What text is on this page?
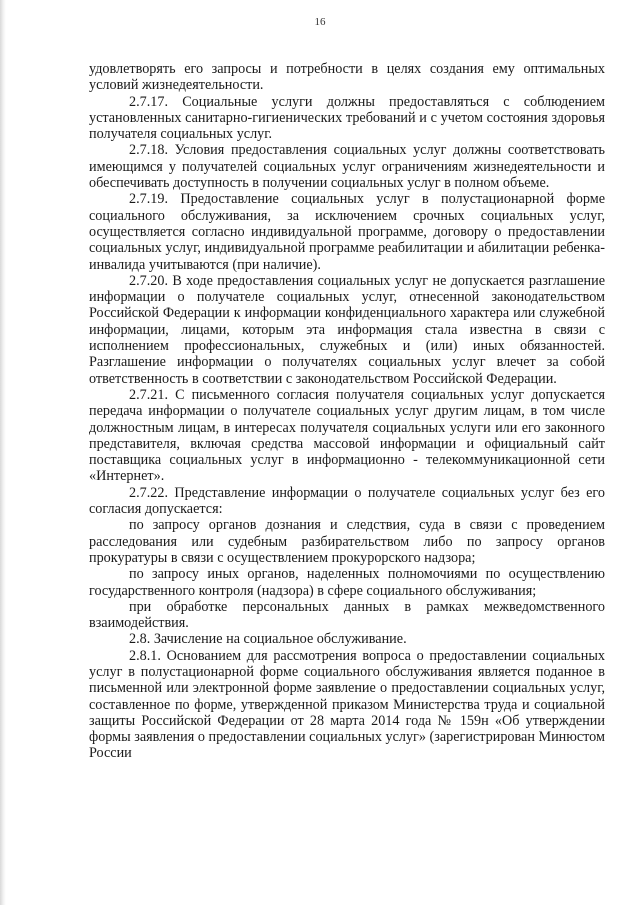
16

удовлетворять его запросы и потребности в целях создания ему оптимальных условий жизнедеятельности.

2.7.17. Социальные услуги должны предоставляться с соблюдением установленных санитарно-гигиенических требований и с учетом состояния здоровья получателя социальных услуг.

2.7.18. Условия предоставления социальных услуг должны соответствовать имеющимся у получателей социальных услуг ограничениям жизнедеятельности и обеспечивать доступность в получении социальных услуг в полном объеме.

2.7.19. Предоставление социальных услуг в полустационарной форме социального обслуживания, за исключением срочных социальных услуг, осуществляется согласно индивидуальной программе, договору о предоставлении социальных услуг, индивидуальной программе реабилитации и абилитации ребенка-инвалида учитываются (при наличие).

2.7.20. В ходе предоставления социальных услуг не допускается разглашение информации о получателе социальных услуг, отнесенной законодательством Российской Федерации к информации конфиденциального характера или служебной информации, лицами, которым эта информация стала известна в связи с исполнением профессиональных, служебных и (или) иных обязанностей. Разглашение информации о получателях социальных услуг влечет за собой ответственность в соответствии с законодательством Российской Федерации.

2.7.21. С письменного согласия получателя социальных услуг допускается передача информации о получателе социальных услуг другим лицам, в том числе должностным лицам, в интересах получателя социальных услуги или его законного представителя, включая средства массовой информации и официальный сайт поставщика социальных услуг в информационно - телекоммуникационной сети «Интернет».

2.7.22. Представление информации о получателе социальных услуг без его согласия допускается:

по запросу органов дознания и следствия, суда в связи с проведением расследования или судебным разбирательством либо по запросу органов прокуратуры в связи с осуществлением прокурорского надзора;

по запросу иных органов, наделенных полномочиями по осуществлению государственного контроля (надзора) в сфере социального обслуживания;

при обработке персональных данных в рамках межведомственного взаимодействия.

2.8. Зачисление на социальное обслуживание.

2.8.1. Основанием для рассмотрения вопроса о предоставлении социальных услуг в полустационарной форме социального обслуживания является поданное в письменной или электронной форме заявление о предоставлении социальных услуг, составленное по форме, утвержденной приказом Министерства труда и социальной защиты Российской Федерации от 28 марта 2014 года № 159н «Об утверждении формы заявления о предоставлении социальных услуг» (зарегистрирован Минюстом России
